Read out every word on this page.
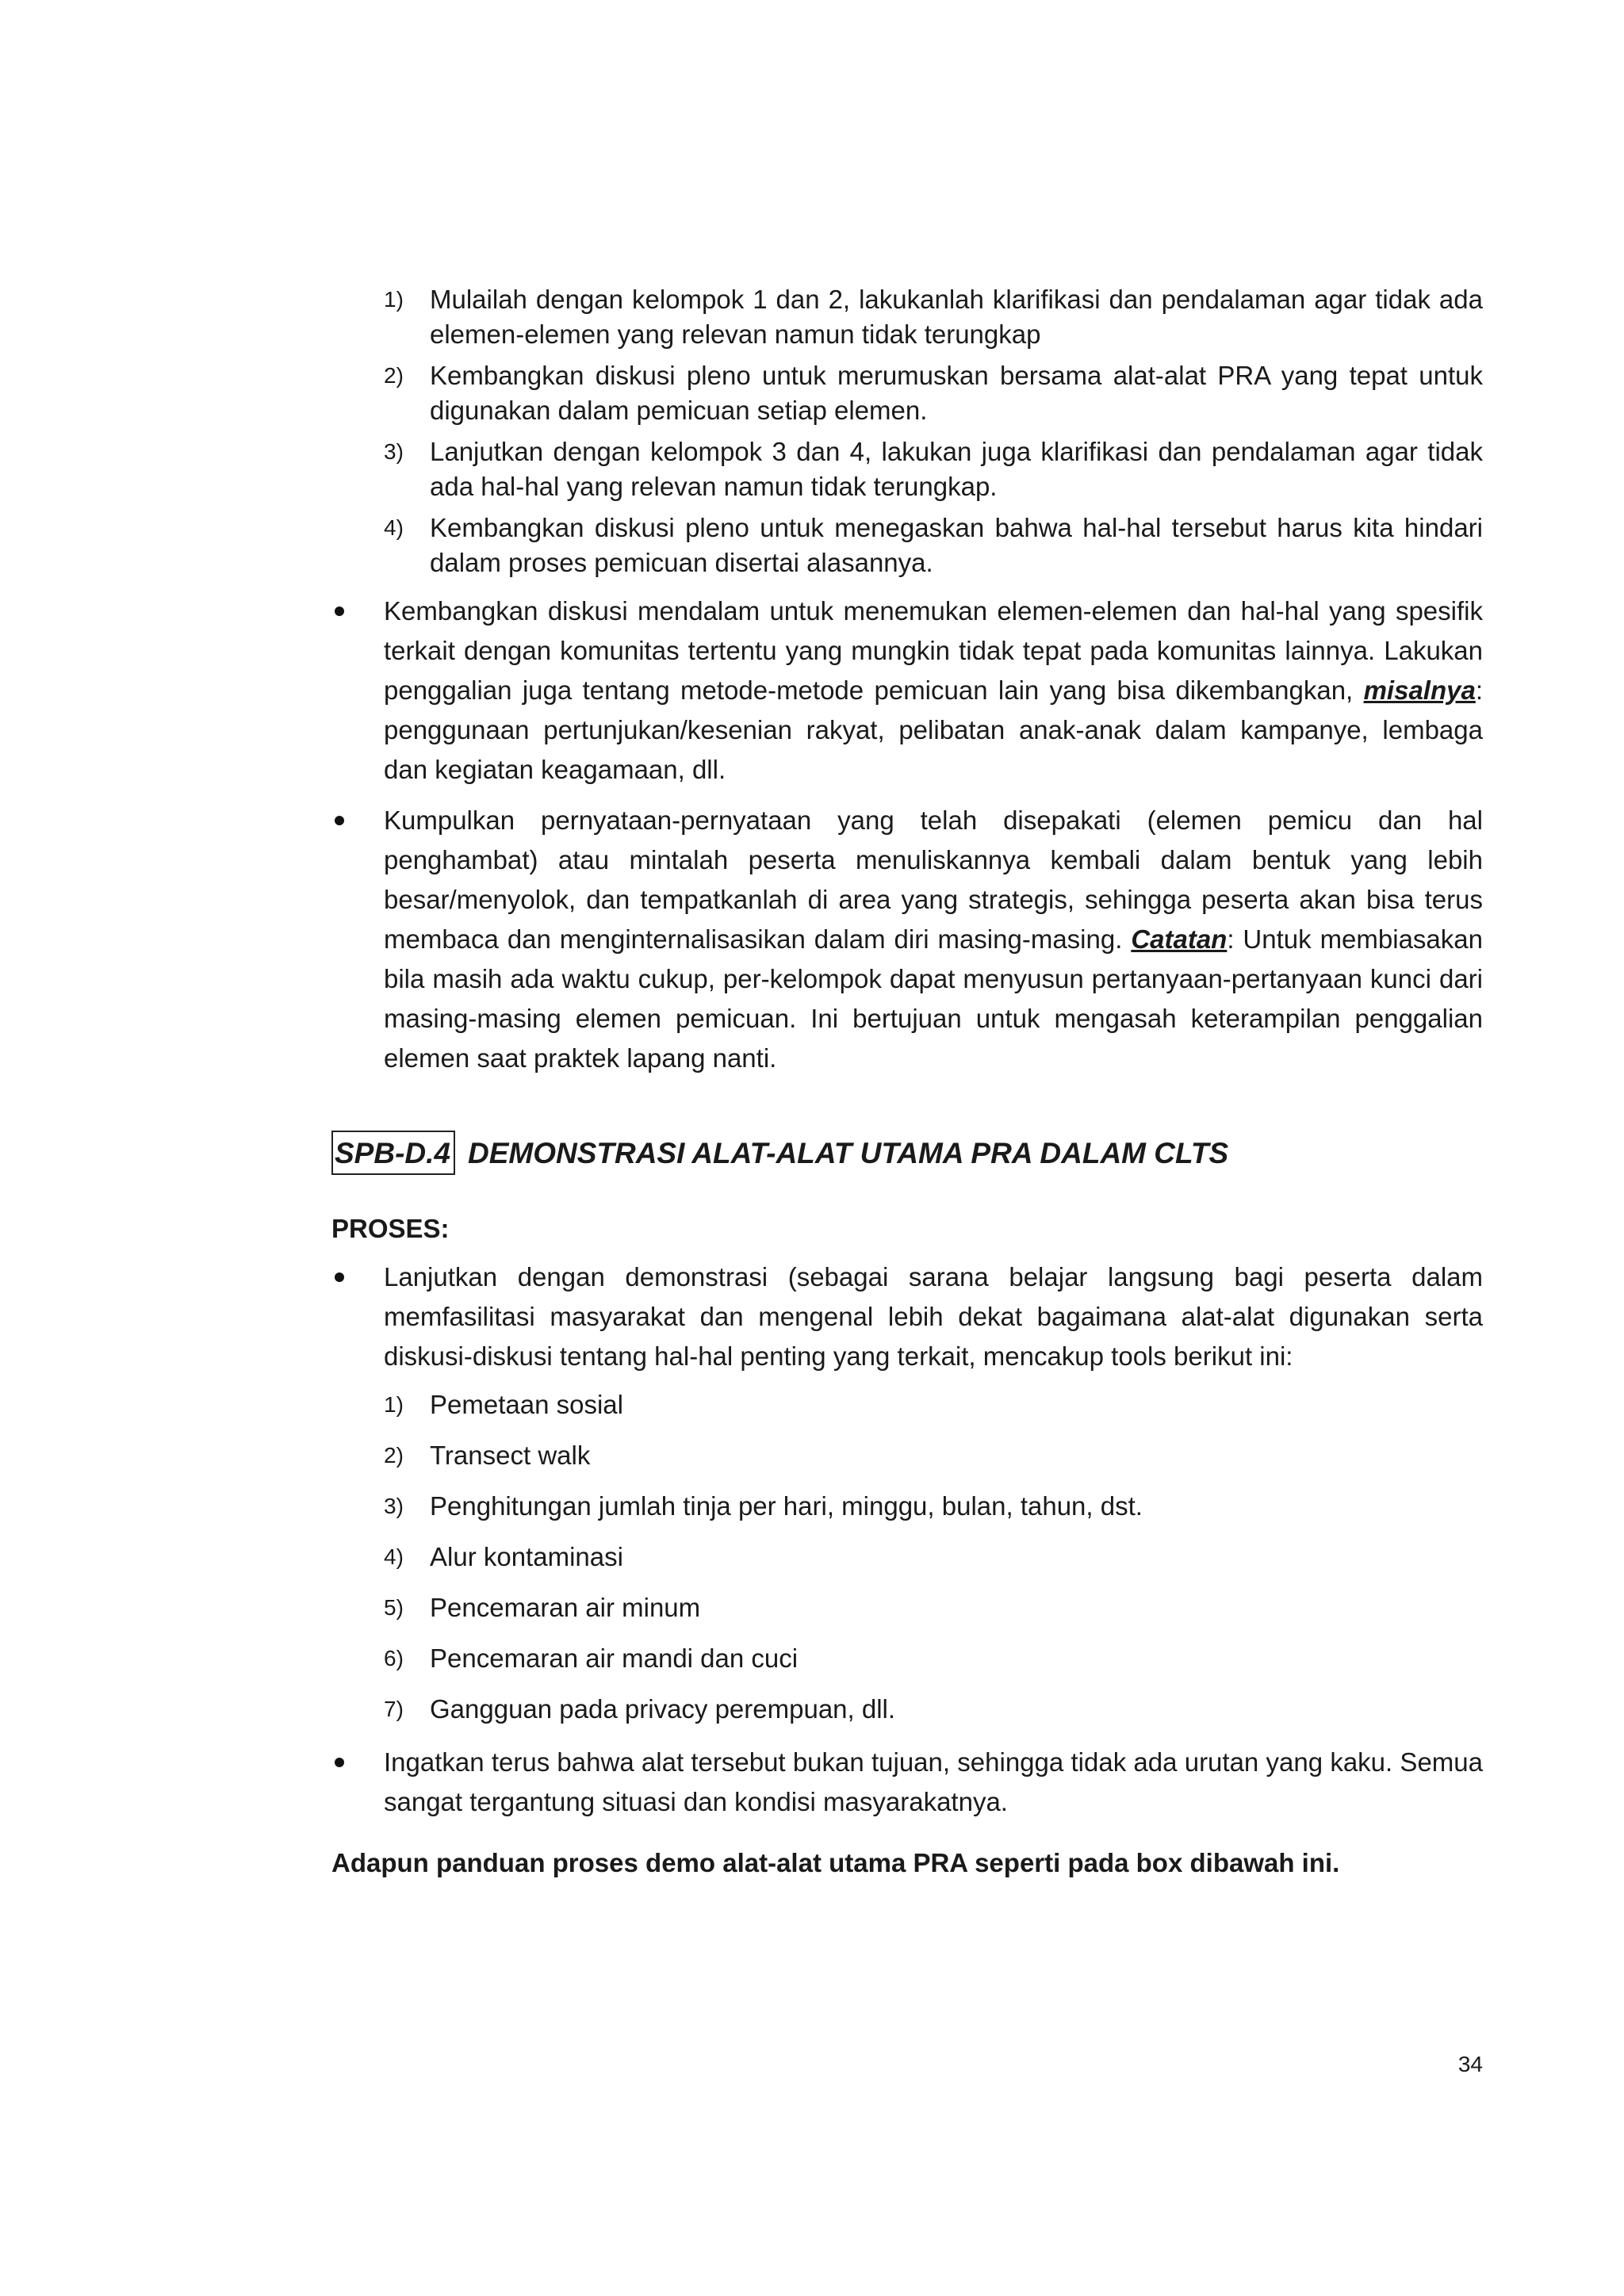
1) Mulailah dengan kelompok 1 dan 2, lakukanlah klarifikasi dan pendalaman agar tidak ada elemen-elemen yang relevan namun tidak terungkap
2) Kembangkan diskusi pleno untuk merumuskan bersama alat-alat PRA yang tepat untuk digunakan dalam pemicuan setiap elemen.
3) Lanjutkan dengan kelompok 3 dan 4, lakukan juga klarifikasi dan pendalaman agar tidak ada hal-hal yang relevan namun tidak terungkap.
4) Kembangkan diskusi pleno untuk menegaskan bahwa hal-hal tersebut harus kita hindari dalam proses pemicuan disertai alasannya.
Kembangkan diskusi mendalam untuk menemukan elemen-elemen dan hal-hal yang spesifik terkait dengan komunitas tertentu yang mungkin tidak tepat pada komunitas lainnya. Lakukan penggalian juga tentang metode-metode pemicuan lain yang bisa dikembangkan, misalnya: penggunaan pertunjukan/kesenian rakyat, pelibatan anak-anak dalam kampanye, lembaga dan kegiatan keagamaan, dll.
Kumpulkan pernyataan-pernyataan yang telah disepakati (elemen pemicu dan hal penghambat) atau mintalah peserta menuliskannya kembali dalam bentuk yang lebih besar/menyolok, dan tempatkanlah di area yang strategis, sehingga peserta akan bisa terus membaca dan menginternalisasikan dalam diri masing-masing. Catatan: Untuk membiasakan bila masih ada waktu cukup, per-kelompok dapat menyusun pertanyaan-pertanyaan kunci dari masing-masing elemen pemicuan. Ini bertujuan untuk mengasah keterampilan penggalian elemen saat praktek lapang nanti.
SPB-D.4 DEMONSTRASI ALAT-ALAT UTAMA PRA DALAM CLTS
PROSES:
Lanjutkan dengan demonstrasi (sebagai sarana belajar langsung bagi peserta dalam memfasilitasi masyarakat dan mengenal lebih dekat bagaimana alat-alat digunakan serta diskusi-diskusi tentang hal-hal penting yang terkait, mencakup tools berikut ini:
1) Pemetaan sosial
2) Transect walk
3) Penghitungan jumlah tinja per hari, minggu, bulan, tahun, dst.
4) Alur kontaminasi
5) Pencemaran air minum
6) Pencemaran air mandi dan cuci
7) Gangguan pada privacy perempuan, dll.
Ingatkan terus bahwa alat tersebut bukan tujuan, sehingga tidak ada urutan yang kaku. Semua sangat tergantung situasi dan kondisi masyarakatnya.
Adapun panduan proses demo alat-alat utama PRA seperti pada box dibawah ini.
34
